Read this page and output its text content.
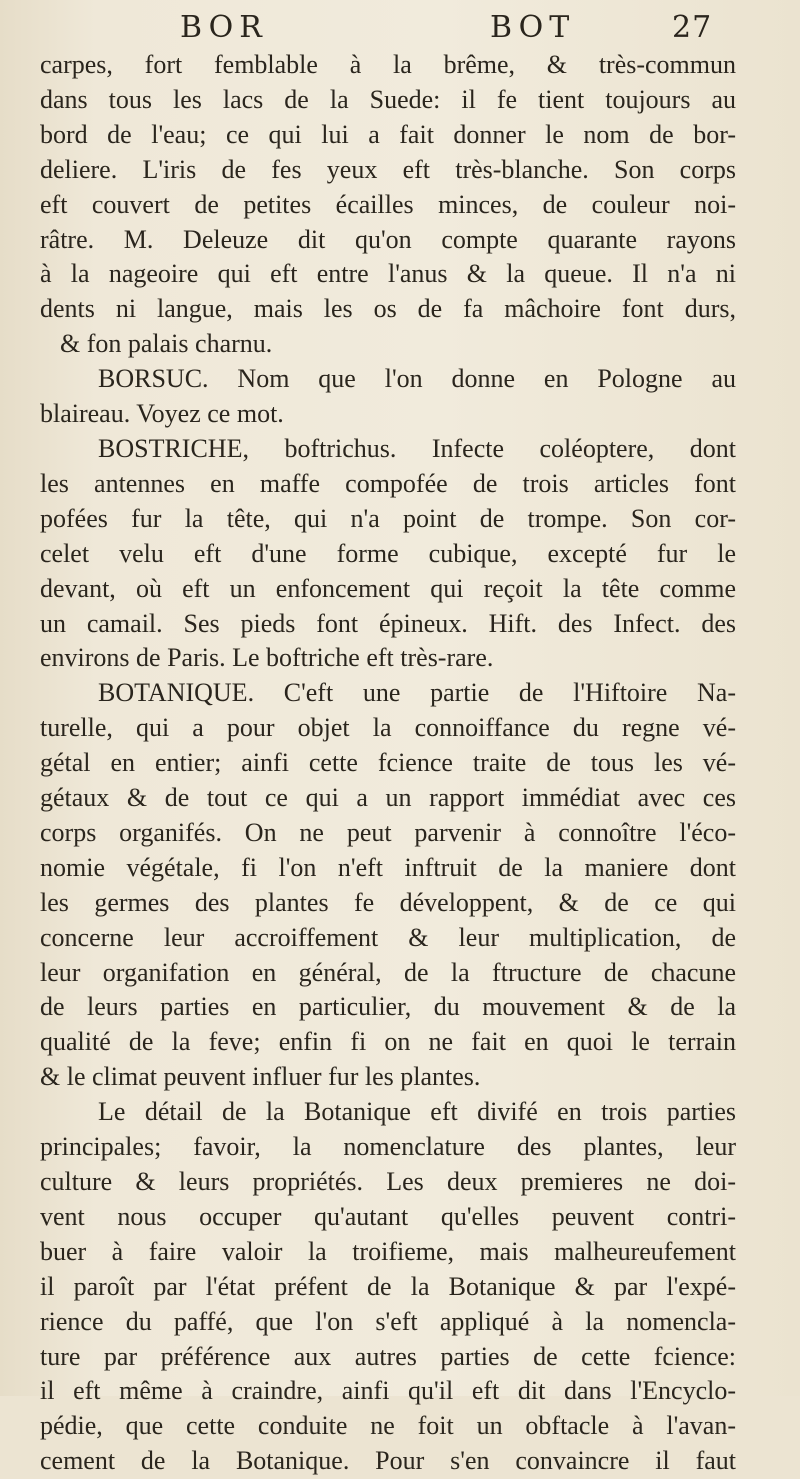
BOR	BOT	27
carpes, fort femblable à la brême, & très-commun
dans tous les lacs de la Suede: il fe tient toujours au
bord de l'eau; ce qui lui a fait donner le nom de bor-
deliere. L'iris de fes yeux eft très-blanche. Son corps
eft couvert de petites écailles minces, de couleur noi-
râtre. M. Deleuze dit qu'on compte quarante rayons
à la nageoire qui eft entre l'anus & la queue. Il n'a ni
dents ni langue, mais les os de fa mâchoire font durs,
& fon palais charnu.
BORSUC. Nom que l'on donne en Pologne au
blaireau. Voyez ce mot.
BOSTRICHE, boftrichus. Infecte coléoptere, dont
les antennes en maffe compofée de trois articles font
pofées fur la tête, qui n'a point de trompe. Son cor-
celet velu eft d'une forme cubique, excepté fur le
devant, où eft un enfoncement qui reçoit la tête comme
un camail. Ses pieds font épineux. Hift. des Infect. des
environs de Paris. Le boftriche eft très-rare.
BOTANIQUE. C'eft une partie de l'Hiftoire Na-
turelle, qui a pour objet la connoiffance du regne vé-
gétal en entier; ainfi cette fcience traite de tous les vé-
gétaux & de tout ce qui a un rapport immédiat avec ces
corps organifés. On ne peut parvenir à connoître l'éco-
nomie végétale, fi l'on n'eft inftruit de la maniere dont
les germes des plantes fe développent, & de ce qui
concerne leur accroiffement & leur multiplication, de
leur organifation en général, de la ftructure de chacune
de leurs parties en particulier, du mouvement & de la
qualité de la feve; enfin fi on ne fait en quoi le terrain
& le climat peuvent influer fur les plantes.
Le détail de la Botanique eft divifé en trois parties
principales; favoir, la nomenclature des plantes, leur
culture & leurs propriétés. Les deux premieres ne doi-
vent nous occuper qu'autant qu'elles peuvent contri-
buer à faire valoir la troifieme, mais malheureufement
il paroît par l'état préfent de la Botanique & par l'expé-
rience du paffé, que l'on s'eft appliqué à la nomencla-
ture par préférence aux autres parties de cette fcience:
il eft même à craindre, ainfi qu'il eft dit dans l'Encyclo-
pédie, que cette conduite ne foit un obftacle à l'avan-
cement de la Botanique. Pour s'en convaincre il faut
